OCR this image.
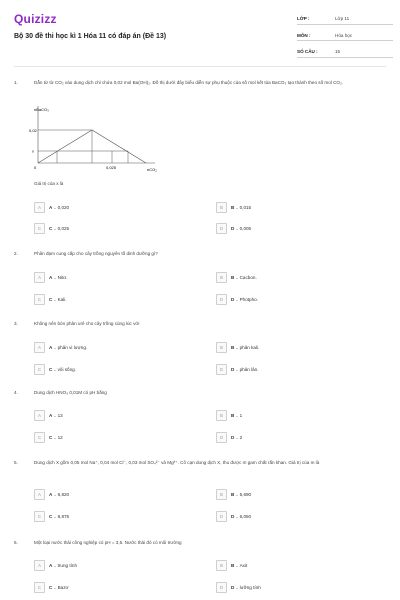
Quizizz
Bộ 30 đề thi học kì 1 Hóa 11 có đáp án (Đề 13)
LỚP :	Lớp 11
MÔN :	Hóa học
SỐ CÂU :	15
1.	Dẫn từ từ CO₂ vào dung dịch chỉ chứa 0,02 mol Ba(OH)₂. Đồ thị dưới đây biểu diễn sự phụ thuộc của số mol kết tủa BaCO₃ tạo thành theo số mol CO₂.
nBaCO₃
0,02
x
0	0,025	nCO₂
Giá trị của x là
A	A . 0,020	B	B . 0,015
C	C . 0,025	D	D . 0,005
2.	Phân đạm cung cấp cho cây trồng nguyên tố dinh dưỡng gì?
A	A . Nitơ.	B	B . Cacbon.
C	C . Kali.	D	D . Photpho.
3.	Không nên bón phân urê cho cây trồng cùng lúc với
A	A . phân vi lượng.	B	B . phân kali.
C	C . vôi sống.	D	D . phân lân.
4.	Dung dịch HNO₃ 0,01M có pH bằng
A	A . 13	B	B . 1
C	C . 12	D	D . 2
5.	Dung dịch X gồm 0,05 mol Na⁺, 0,04 mol Cl⁻, 0,03 mol SO₄²⁻ và Mg²⁺. Cô cạn dung dịch X, thu được m gam chất rắn khan. Giá trị của m là
A	A . 6,820	B	B . 5,690
C	C . 8,875	D	D . 6,050
6.	Một loại nước thải công nghiệp có pH = 3,5. Nước thải đó có môi trường
A	A . trung tính	B	B . Axit
C	C . Bazơ	D	D . lưỡng tính
